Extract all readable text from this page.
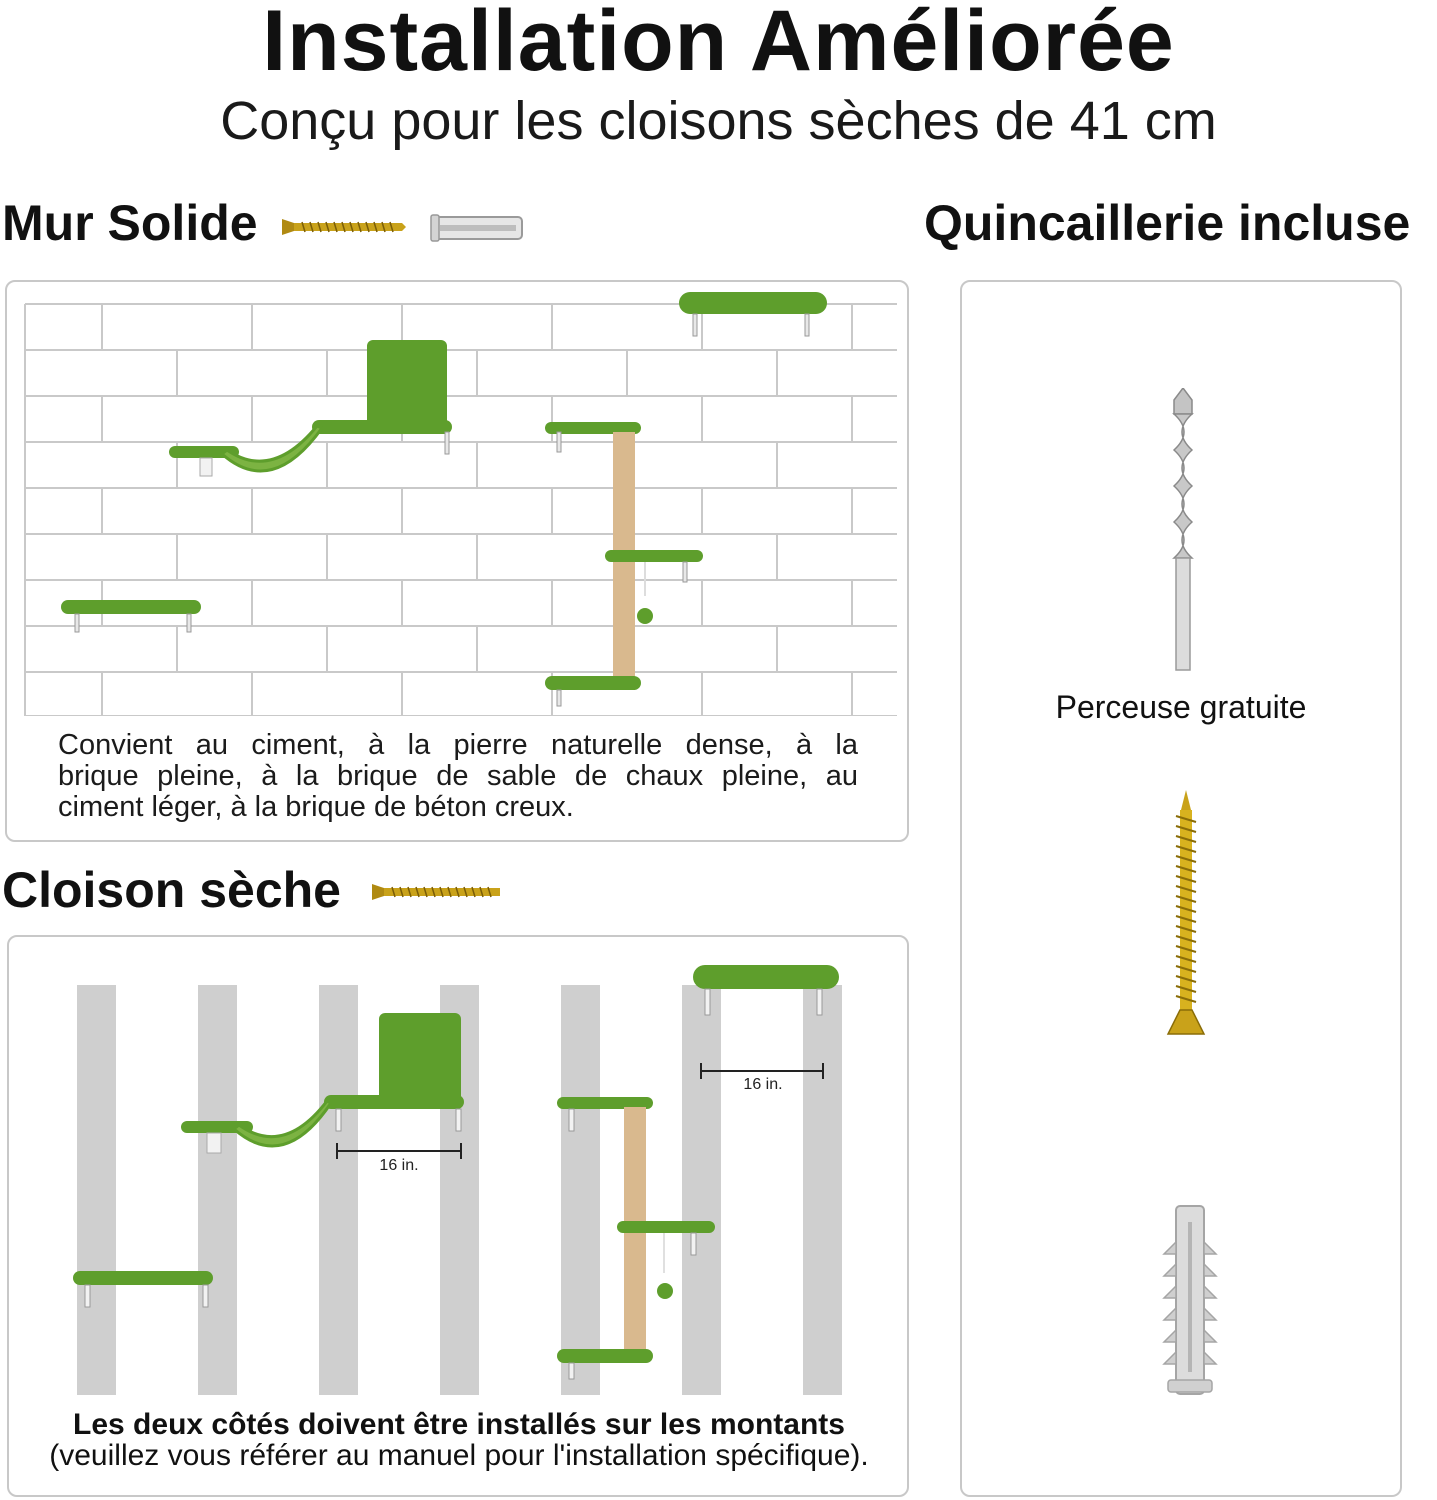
Installation Améliorée
Conçu pour les cloisons sèches de 41 cm
Mur Solide
Convient au ciment, à la pierre naturelle dense, à la
brique pleine, à la brique de sable de chaux pleine, au
ciment léger, à la brique de béton creux.
Cloison sèche
16 in.
16 in.
Les deux côtés doivent être installés sur les montants
(veuillez vous référer au manuel pour l'installation spécifique).
Quincaillerie incluse
Perceuse gratuite
